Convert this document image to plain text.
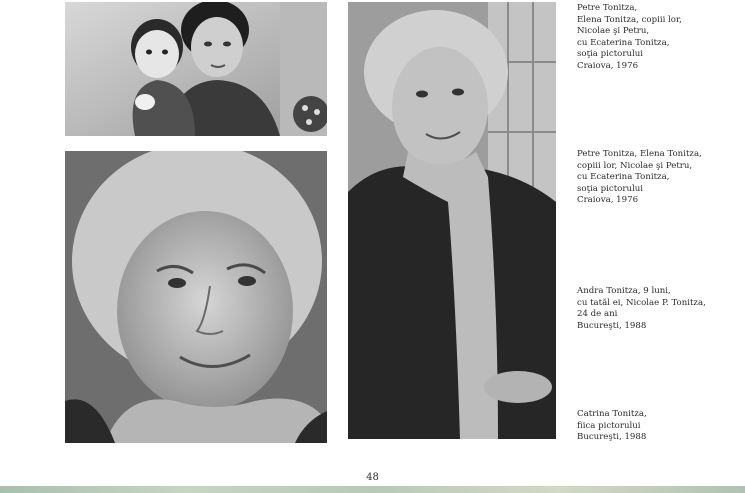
Petre Tonitza,
Elena Tonitza, copiii lor,
Nicolae şi Petru,
cu Ecaterina Tonitza,
soţia pictorului
Craiova, 1976
Petre Tonitza, Elena Tonitza,
copiii lor, Nicolae şi Petru,
cu Ecaterina Tonitza,
soţia pictorului
Craiova, 1976
Andra Tonitza, 9 luni,
cu tatăl ei, Nicolae P. Tonitza,
24 de ani
Bucureşti, 1988
Catrina Tonitza,
fiica pictorului
Bucureşti, 1988
48
